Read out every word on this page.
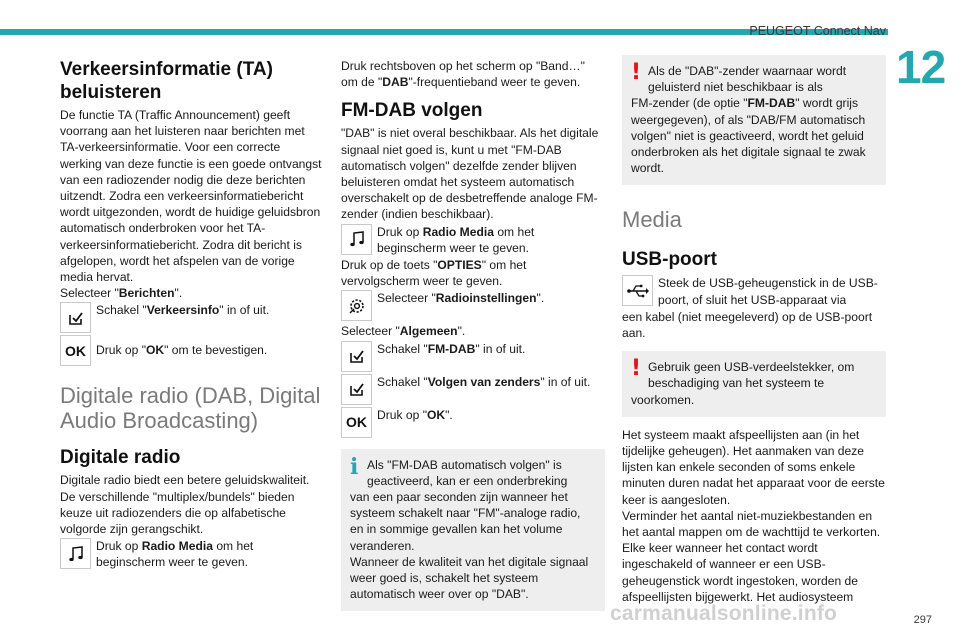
PEUGEOT Connect Nav
12
Verkeersinformatie (TA) beluisteren

De functie TA (Traffic Announcement) geeft voorrang aan het luisteren naar berichten met TA-verkeersinformatie. Voor een correcte werking van deze functie is een goede ontvangst van een radiozender nodig die deze berichten uitzendt. Zodra een verkeersinformatiebericht wordt uitgezonden, wordt de huidige geluidsbron automatisch onderbroken voor het TA-verkeersinformatiebericht. Zodra dit bericht is afgelopen, wordt het afspelen van de vorige media hervat.

Selecteer "Berichten".

Schakel "Verkeersinfo" in of uit.
OK Druk op "OK" om te bevestigen.
Digitale radio (DAB, Digital Audio Broadcasting)
Digitale radio

Digitale radio biedt een betere geluidskwaliteit. De verschillende "multiplex/bundels" bieden keuze uit radiozenders die op alfabetische volgorde zijn gerangschikt.

Druk op Radio Media om het beginscherm weer te geven.

Druk rechtsboven op het scherm op "Band…" om de "DAB"-frequentieband weer te geven.

FM-DAB volgen

"DAB" is niet overal beschikbaar. Als het digitale signaal niet goed is, kunt u met "FM-DAB automatisch volgen" dezelfde zender blijven beluisteren omdat het systeem automatisch overschakelt op de desbetreffende analoge FM-zender (indien beschikbaar).

Druk op Radio Media om het beginscherm weer te geven.

Druk op de toets "OPTIES" om het vervolgscherm weer te geven.

Selecteer "Radioinstellingen".

Selecteer "Algemeen".

Schakel "FM-DAB" in of uit.
Schakel "Volgen van zenders" in of uit.
OK Druk op "OK".
i Als "FM-DAB automatisch volgen" is geactiveerd, kan er een onderbreking

van een paar seconden zijn wanneer het systeem schakelt naar "FM"-analoge radio, en in sommige gevallen kan het volume veranderen.

Wanneer de kwaliteit van het digitale signaal weer goed is, schakelt het systeem automatisch weer over op "DAB".

! Als de "DAB"-zender waarnaar wordt geluisterd niet beschikbaar is als

FM-zender (de optie "FM-DAB" wordt grijs weergegeven), of als "DAB/FM automatisch volgen" niet is geactiveerd, wordt het geluid onderbroken als het digitale signaal te zwak wordt.

Media
USB-poort
Steek de USB-geheugenstick in de USB-poort, of sluit het USB-apparaat via

een kabel (niet meegeleverd) op de USB-poort aan.

! Gebruik geen USB-verdeelstekker, om beschadiging van het systeem te

voorkomen.

Het systeem maakt afspeellijsten aan (in het tijdelijke geheugen). Het aanmaken van deze lijsten kan enkele seconden of soms enkele minuten duren nadat het apparaat voor de eerste keer is aangesloten.

Verminder het aantal niet-muziekbestanden en het aantal mappen om de wachttijd te verkorten.

Elke keer wanneer het contact wordt ingeschakeld of wanneer er een USB-geheugenstick wordt ingestoken, worden de afspeellijsten bijgewerkt. Het audiosysteem

carmanualsonline.info	297
